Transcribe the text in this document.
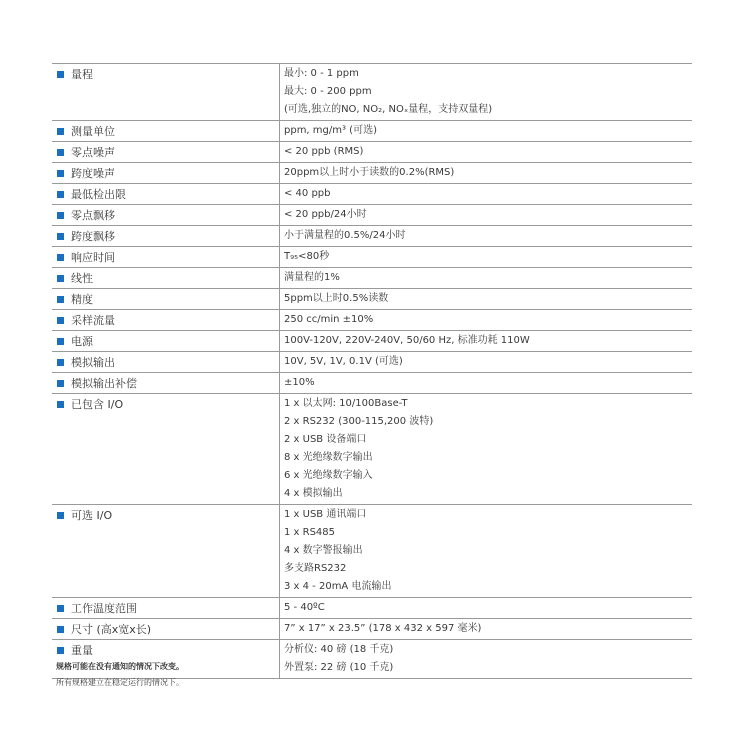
量程	最小: 0 - 1 ppm
最大: 0 - 200 ppm
(可选,独立的NO, NO₂, NOₓ量程，支持双量程)
测量单位	ppm, mg/m³ (可选)
零点噪声	< 20 ppb (RMS)
跨度噪声	20ppm以上时小于读数的0.2%(RMS)
最低检出限	< 40 ppb
零点飘移	< 20 ppb/24小时
跨度飘移	小于满量程的0.5%/24小时
响应时间	T₉₅<80秒
线性	满量程的1%
精度	5ppm以上时0.5%读数
采样流量	250 cc/min ±10%
电源	100V-120V, 220V-240V, 50/60 Hz, 标准功耗 110W
模拟输出	10V, 5V, 1V, 0.1V (可选)
模拟输出补偿	±10%
已包含 I/O	1 x 以太网: 10/100Base-T
2 x RS232 (300-115,200 波特)
2 x USB 设备端口
8 x 光绝缘数字输出
6 x 光绝缘数字输入
4 x 模拟输出
可选 I/O	1 x USB 通讯端口
1 x RS485
4 x 数字警报输出
多支路RS232
3 x 4 - 20mA 电流输出
工作温度范围	5 - 40ºC
尺寸 (高x宽x长)	7” x 17” x 23.5” (178 x 432 x 597 毫米)
重量	分析仪: 40 磅 (18 千克)
外置泵: 22 磅 (10 千克)
规格可能在没有通知的情况下改变。
所有规格建立在稳定运行的情况下。
